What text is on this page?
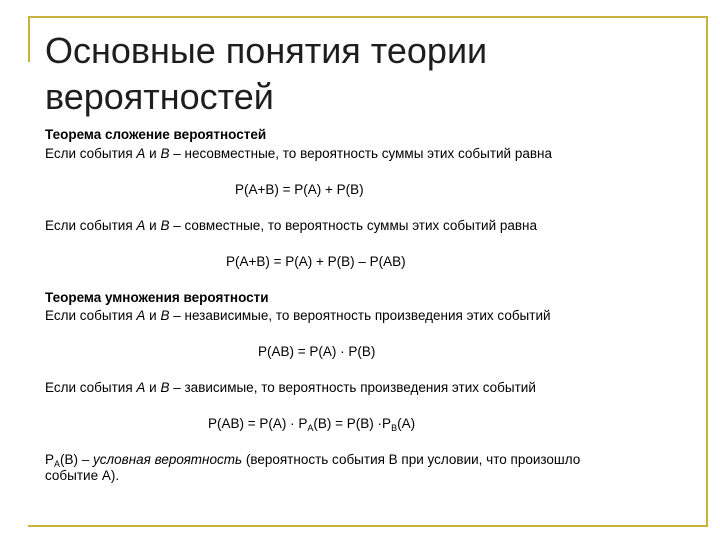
Основные понятия теории
вероятностей
Теорема сложение вероятностей
Если события А и В – несовместные, то вероятность суммы этих событий равна
P(A+B) = P(A) + P(B)
Если события А и В – совместные, то вероятность суммы этих событий равна
P(A+B) = P(A) + P(B) – P(AB)
Теорема умножения вероятности
Если события А и В – независимые, то вероятность произведения этих событий
P(AB) = P(A) · P(B)
Если события А и В – зависимые, то вероятность произведения этих событий
$P(AB) = P(A) \cdot P_A(B) = P(B) \cdot P_B(A)$
$P_A(B)$ – условная вероятность (вероятность события В при условии, что произошло
событие А).
